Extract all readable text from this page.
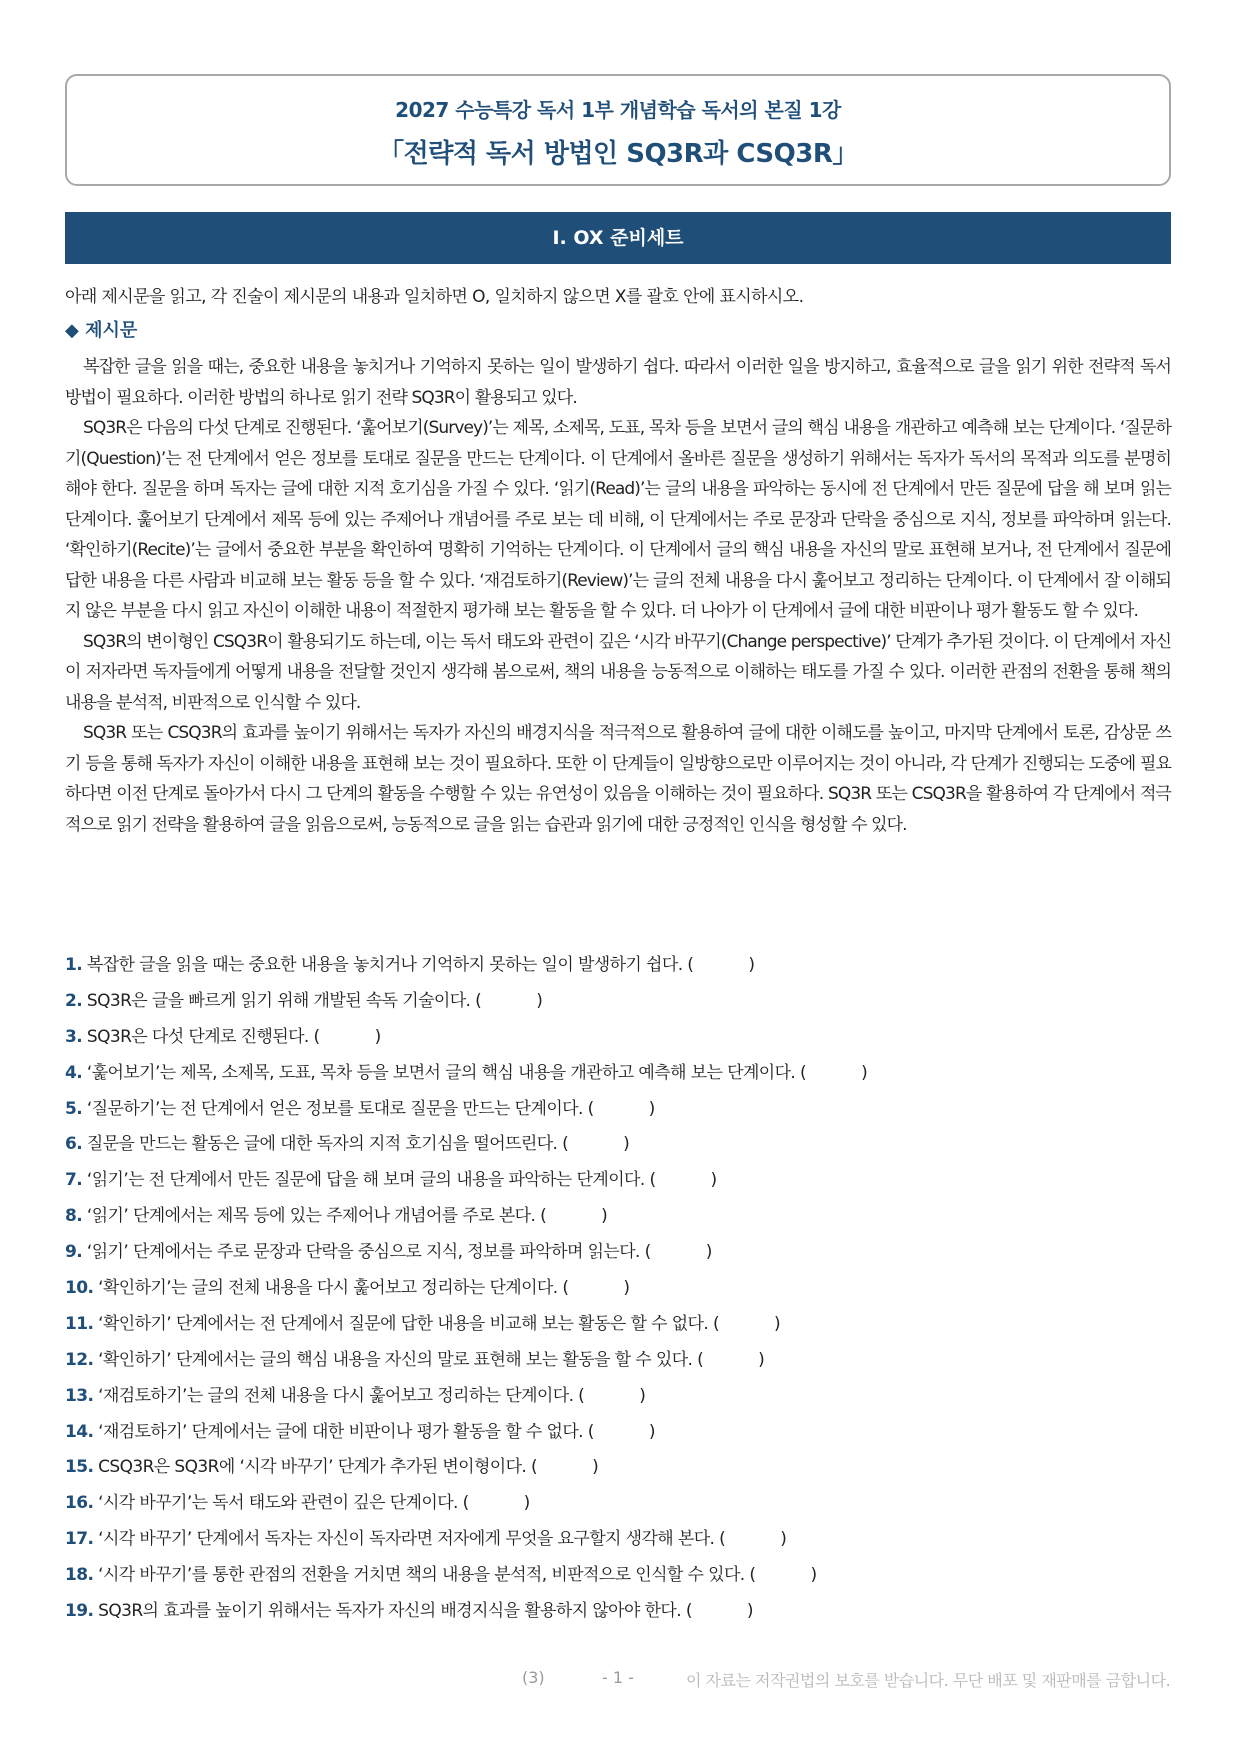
2027 수능특강 독서 1부 개념학습 독서의 본질 1강
「전략적 독서 방법인 SQ3R과 CSQ3R」
Ⅰ. OX 준비세트
아래 제시문을 읽고, 각 진술이 제시문의 내용과 일치하면 O, 일치하지 않으면 X를 괄호 안에 표시하시오.
◆ 제시문

복잡한 글을 읽을 때는, 중요한 내용을 놓치거나 기억하지 못하는 일이 발생하기 쉽다. 따라서 이러한 일을 방지하고, 효율적으로 글을 읽기 위한 전략적 독서 방법이 필요하다. 이러한 방법의 하나로 읽기 전략 SQ3R이 활용되고 있다.

SQ3R은 다음의 다섯 단계로 진행된다. ‘훑어보기(Survey)’는 제목, 소제목, 도표, 목차 등을 보면서 글의 핵심 내용을 개관하고 예측해 보는 단계이다. ‘질문하기(Question)’는 전 단계에서 얻은 정보를 토대로 질문을 만드는 단계이다. 이 단계에서 올바른 질문을 생성하기 위해서는 독자가 독서의 목적과 의도를 분명히 해야 한다. 질문을 하며 독자는 글에 대한 지적 호기심을 가질 수 있다. ‘읽기(Read)’는 글의 내용을 파악하는 동시에 전 단계에서 만든 질문에 답을 해 보며 읽는 단계이다. 훑어보기 단계에서 제목 등에 있는 주제어나 개념어를 주로 보는 데 비해, 이 단계에서는 주로 문장과 단락을 중심으로 지식, 정보를 파악하며 읽는다. ‘확인하기(Recite)’는 글에서 중요한 부분을 확인하여 명확히 기억하는 단계이다. 이 단계에서 글의 핵심 내용을 자신의 말로 표현해 보거나, 전 단계에서 질문에 답한 내용을 다른 사람과 비교해 보는 활동 등을 할 수 있다. ‘재검토하기(Review)’는 글의 전체 내용을 다시 훑어보고 정리하는 단계이다. 이 단계에서 잘 이해되지 않은 부분을 다시 읽고 자신이 이해한 내용이 적절한지 평가해 보는 활동을 할 수 있다. 더 나아가 이 단계에서 글에 대한 비판이나 평가 활동도 할 수 있다.

SQ3R의 변이형인 CSQ3R이 활용되기도 하는데, 이는 독서 태도와 관련이 깊은 ‘시각 바꾸기(Change perspective)’ 단계가 추가된 것이다. 이 단계에서 자신이 저자라면 독자들에게 어떻게 내용을 전달할 것인지 생각해 봄으로써, 책의 내용을 능동적으로 이해하는 태도를 가질 수 있다. 이러한 관점의 전환을 통해 책의 내용을 분석적, 비판적으로 인식할 수 있다.

SQ3R 또는 CSQ3R의 효과를 높이기 위해서는 독자가 자신의 배경지식을 적극적으로 활용하여 글에 대한 이해도를 높이고, 마지막 단계에서 토론, 감상문 쓰기 등을 통해 독자가 자신이 이해한 내용을 표현해 보는 것이 필요하다. 또한 이 단계들이 일방향으로만 이루어지는 것이 아니라, 각 단계가 진행되는 도중에 필요하다면 이전 단계로 돌아가서 다시 그 단계의 활동을 수행할 수 있는 유연성이 있음을 이해하는 것이 필요하다. SQ3R 또는 CSQ3R을 활용하여 각 단계에서 적극적으로 읽기 전략을 활용하여 글을 읽음으로써, 능동적으로 글을 읽는 습관과 읽기에 대한 긍정적인 인식을 형성할 수 있다.

1. 복잡한 글을 읽을 때는 중요한 내용을 놓치거나 기억하지 못하는 일이 발생하기 쉽다. (	)
2. SQ3R은 글을 빠르게 읽기 위해 개발된 속독 기술이다. (	)
3. SQ3R은 다섯 단계로 진행된다. (	)
4. ‘훑어보기’는 제목, 소제목, 도표, 목차 등을 보면서 글의 핵심 내용을 개관하고 예측해 보는 단계이다. (	)
5. ‘질문하기’는 전 단계에서 얻은 정보를 토대로 질문을 만드는 단계이다. (	)
6. 질문을 만드는 활동은 글에 대한 독자의 지적 호기심을 떨어뜨린다. (	)
7. ‘읽기’는 전 단계에서 만든 질문에 답을 해 보며 글의 내용을 파악하는 단계이다. (	)
8. ‘읽기’ 단계에서는 제목 등에 있는 주제어나 개념어를 주로 본다. (	)
9. ‘읽기’ 단계에서는 주로 문장과 단락을 중심으로 지식, 정보를 파악하며 읽는다. (	)
10. ‘확인하기’는 글의 전체 내용을 다시 훑어보고 정리하는 단계이다. (	)
11. ‘확인하기’ 단계에서는 전 단계에서 질문에 답한 내용을 비교해 보는 활동은 할 수 없다. (	)
12. ‘확인하기’ 단계에서는 글의 핵심 내용을 자신의 말로 표현해 보는 활동을 할 수 있다. (	)
13. ‘재검토하기’는 글의 전체 내용을 다시 훑어보고 정리하는 단계이다. (	)
14. ‘재검토하기’ 단계에서는 글에 대한 비판이나 평가 활동을 할 수 없다. (	)
15. CSQ3R은 SQ3R에 ‘시각 바꾸기’ 단계가 추가된 변이형이다. (	)
16. ‘시각 바꾸기’는 독서 태도와 관련이 깊은 단계이다. (	)
17. ‘시각 바꾸기’ 단계에서 독자는 자신이 독자라면 저자에게 무엇을 요구할지 생각해 본다. (	)
18. ‘시각 바꾸기’를 통한 관점의 전환을 거치면 책의 내용을 분석적, 비판적으로 인식할 수 있다. (	)
19. SQ3R의 효과를 높이기 위해서는 독자가 자신의 배경지식을 활용하지 않아야 한다. (	)
(3)	- 1 -	이 자료는 저작권법의 보호를 받습니다. 무단 배포 및 재판매를 금합니다.
